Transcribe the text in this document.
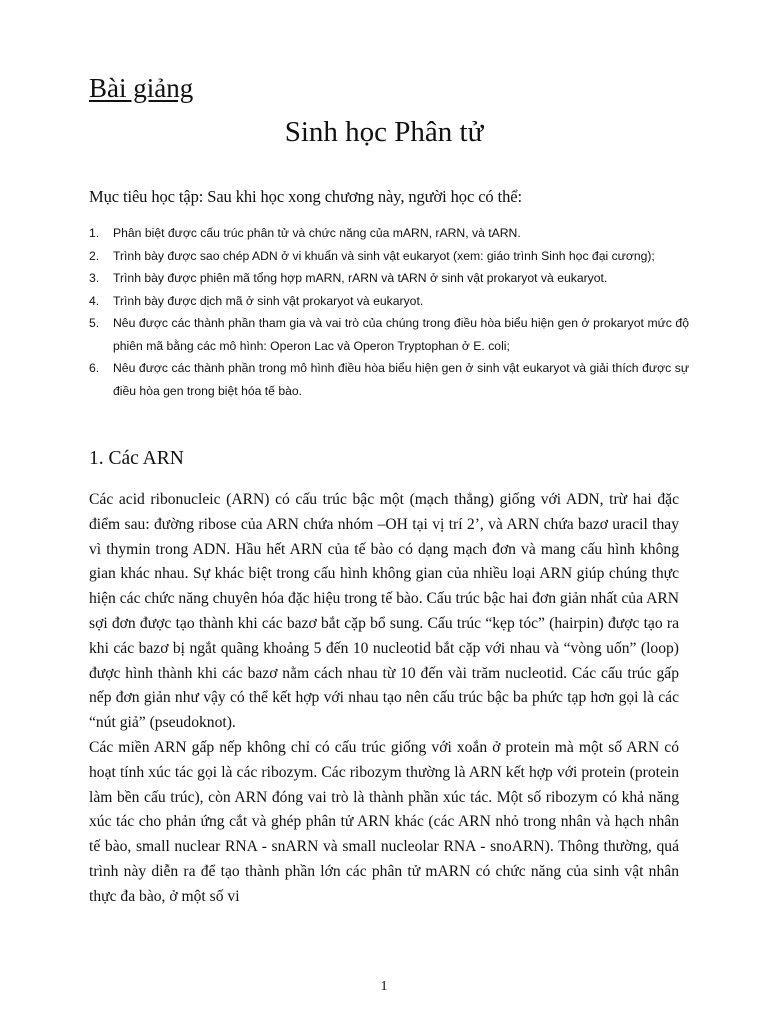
Bài giảng
Sinh học Phân tử

Mục tiêu học tập: Sau khi học xong chương này, người học có thể:

1. Phân biệt được cấu trúc phân tử và chức năng của mARN, rARN, và tARN.
2. Trình bày được sao chép ADN ở vi khuẩn và sinh vật eukaryot (xem: giáo trình Sinh học đại cương);
3. Trình bày được phiên mã tổng hợp mARN, rARN và tARN ở sinh vật prokaryot và eukaryot.
4. Trình bày được dịch mã ở sinh vật prokaryot và eukaryot.
5. Nêu được các thành phần tham gia và vai trò của chúng trong điều hòa biểu hiện gen ở prokaryot mức độ phiên mã bằng các mô hình: Operon Lac và Operon Tryptophan ở E. coli;
6. Nêu được các thành phần trong mô hình điều hòa biểu hiện gen ở sinh vật eukaryot và giải thích được sự điều hòa gen trong biệt hóa tế bào.
1. Các ARN

Các acid ribonucleic (ARN) có cấu trúc bậc một (mạch thẳng) giống với ADN, trừ hai đặc điểm sau: đường ribose của ARN chứa nhóm –OH tại vị trí 2’, và ARN chứa bazơ uracil thay vì thymin trong ADN. Hầu hết ARN của tế bào có dạng mạch đơn và mang cấu hình không gian khác nhau. Sự khác biệt trong cấu hình không gian của nhiều loại ARN giúp chúng thực hiện các chức năng chuyên hóa đặc hiệu trong tế bào. Cấu trúc bậc hai đơn giản nhất của ARN sợi đơn được tạo thành khi các bazơ bắt cặp bổ sung. Cấu trúc “kẹp tóc” (hairpin) được tạo ra khi các bazơ bị ngắt quãng khoảng 5 đến 10 nucleotid bắt cặp với nhau và “vòng uốn” (loop) được hình thành khi các bazơ nằm cách nhau từ 10 đến vài trăm nucleotid. Các cấu trúc gấp nếp đơn giản như vậy có thể kết hợp với nhau tạo nên cấu trúc bậc ba phức tạp hơn gọi là các “nút giả” (pseudoknot).

Các miền ARN gấp nếp không chỉ có cấu trúc giống với xoắn ở protein mà một số ARN có hoạt tính xúc tác gọi là các ribozym. Các ribozym thường là ARN kết hợp với protein (protein làm bền cấu trúc), còn ARN đóng vai trò là thành phần xúc tác. Một số ribozym có khả năng xúc tác cho phản ứng cắt và ghép phân tử ARN khác (các ARN nhỏ trong nhân và hạch nhân tế bào, small nuclear RNA - snARN và small nucleolar RNA - snoARN). Thông thường, quá trình này diễn ra để tạo thành phần lớn các phân tử mARN có chức năng của sinh vật nhân thực đa bào, ở một số vi

1
